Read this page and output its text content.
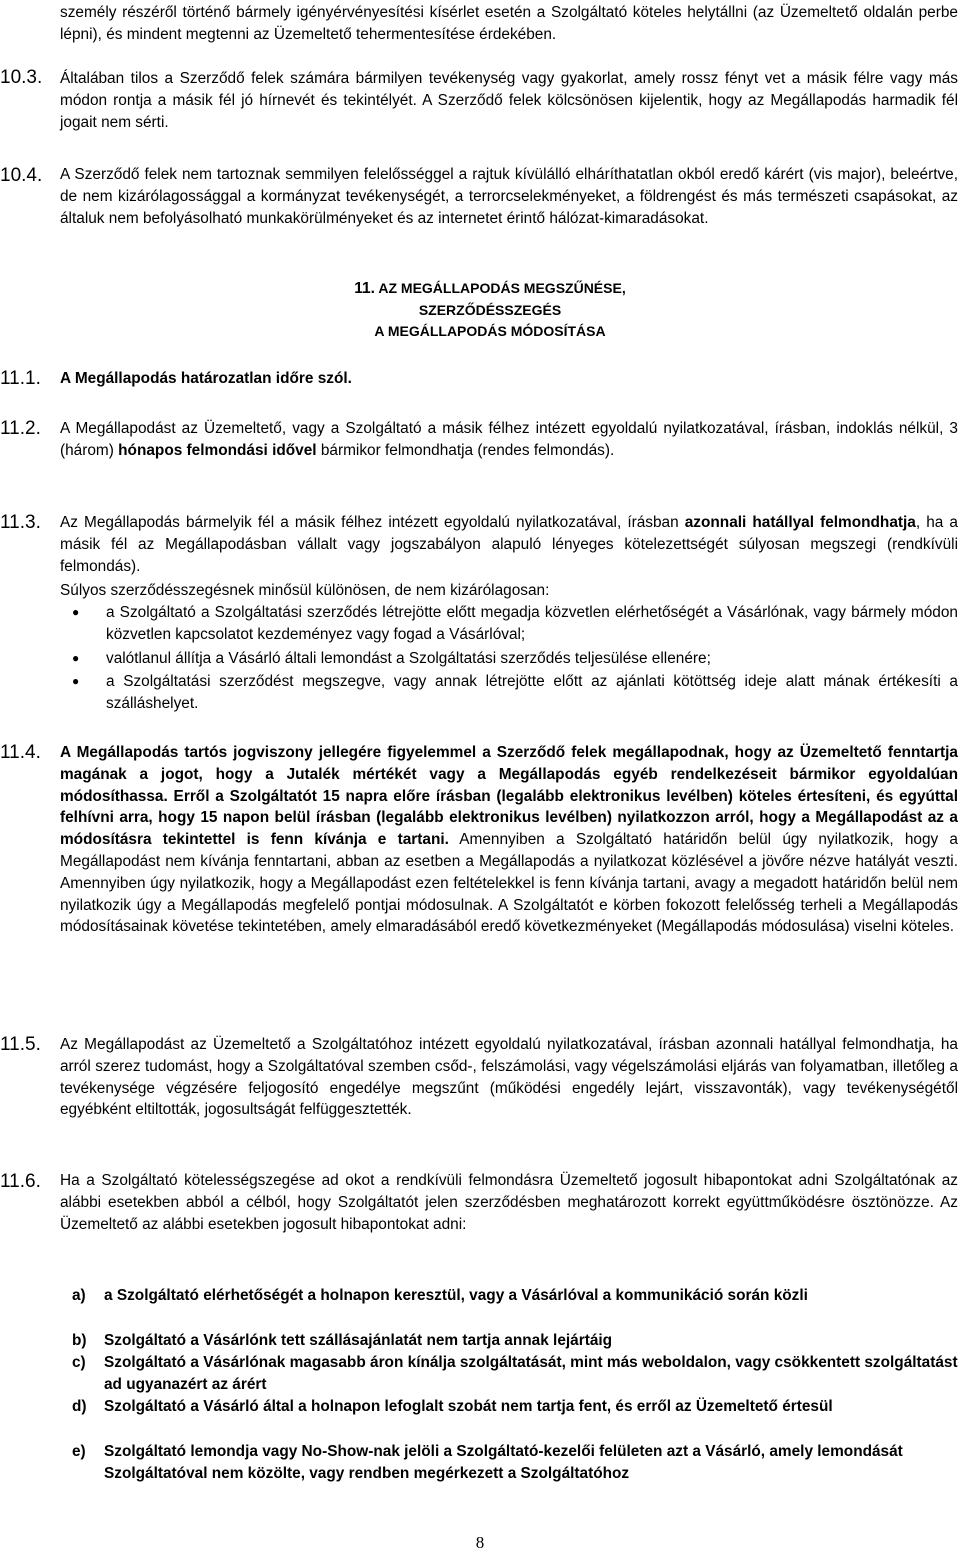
személy részéről történő bármely igényérvényesítési kísérlet esetén a Szolgáltató köteles helytállni (az Üzemeltető oldalán perbe lépni), és mindent megtenni az Üzemeltető tehermentesítése érdekében.
10.3. Általában tilos a Szerződő felek számára bármilyen tevékenység vagy gyakorlat, amely rossz fényt vet a másik félre vagy más módon rontja a másik fél jó hírnevét és tekintélyét. A Szerződő felek kölcsönösen kijelentik, hogy az Megállapodás harmadik fél jogait nem sérti.
10.4. A Szerződő felek nem tartoznak semmilyen felelősséggel a rajtuk kívülálló elháríthatatlan okból eredő kárért (vis major), beleértve, de nem kizárólagossággal a kormányzat tevékenységét, a terrorcselekményeket, a földrengést és más természeti csapásokat, az általuk nem befolyásolható munkakörülményeket és az internetet érintő hálózat-kimaradásokat.
11. AZ MEGÁLLAPODÁS MEGSZŰNÉSE,
SZERZŐDÉSSZEGÉS
A MEGÁLLAPODÁS MÓDOSÍTÁSA
11.1. A Megállapodás határozatlan időre szól.
11.2. A Megállapodást az Üzemeltető, vagy a Szolgáltató a másik félhez intézett egyoldalú nyilatkozatával, írásban, indoklás nélkül, 3 (három) hónapos felmondási idővel bármikor felmondhatja (rendes felmondás).
11.3. Az Megállapodás bármelyik fél a másik félhez intézett egyoldalú nyilatkozatával, írásban azonnali hatállyal felmondhatja, ha a másik fél az Megállapodásban vállalt vagy jogszabályon alapuló lényeges kötelezettségét súlyosan megszegi (rendkívüli felmondás).
Súlyos szerződésszegésnek minősül különösen, de nem kizárólagosan:
● a Szolgáltató a Szolgáltatási szerződés létrejötte előtt megadja közvetlen elérhetőségét a Vásárlónak, vagy bármely módon közvetlen kapcsolatot kezdeményez vagy fogad a Vásárlóval;
● valótlanul állítja a Vásárló általi lemondást a Szolgáltatási szerződés teljesülése ellenére;
● a Szolgáltatási szerződést megszegve, vagy annak létrejötte előtt az ajánlati kötöttség ideje alatt mának értékesíti a szálláshelyet.
11.4. A Megállapodás tartós jogviszony jellegére figyelemmel a Szerződő felek megállapodnak, hogy az Üzemeltető fenntartja magának a jogot, hogy a Jutalék mértékét vagy a Megállapodás egyéb rendelkezéseit bármikor egyoldalúan módosíthassa. Erről a Szolgáltatót 15 napra előre írásban (legalább elektronikus levélben) köteles értesíteni, és egyúttal felhívni arra, hogy 15 napon belül írásban (legalább elektronikus levélben) nyilatkozzon arról, hogy a Megállapodást az a módosításra tekintettel is fenn kívánja e tartani. Amennyiben a Szolgáltató határidőn belül úgy nyilatkozik, hogy a Megállapodást nem kívánja fenntartani, abban az esetben a Megállapodás a nyilatkozat közlésével a jövőre nézve hatályát veszti. Amennyiben úgy nyilatkozik, hogy a Megállapodást ezen feltételekkel is fenn kívánja tartani, avagy a megadott határidőn belül nem nyilatkozik úgy a Megállapodás megfelelő pontjai módosulnak. A Szolgáltatót e körben fokozott felelősség terheli a Megállapodás módosításainak követése tekintetében, amely elmaradásából eredő következményeket (Megállapodás módosulása) viselni köteles.
11.5. Az Megállapodást az Üzemeltető a Szolgáltatóhoz intézett egyoldalú nyilatkozatával, írásban azonnali hatállyal felmondhatja, ha arról szerez tudomást, hogy a Szolgáltatóval szemben csőd-, felszámolási, vagy végelszámolási eljárás van folyamatban, illetőleg a tevékenysége végzésére feljogosító engedélye megszűnt (működési engedély lejárt, visszavonták), vagy tevékenységétől egyébként eltiltották, jogosultságát felfüggesztették.
11.6. Ha a Szolgáltató kötelességszegése ad okot a rendkívüli felmondásra Üzemeltető jogosult hibapontokat adni Szolgáltatónak az alábbi esetekben abból a célból, hogy Szolgáltatót jelen szerződésben meghatározott korrekt együttműködésre ösztönözze. Az Üzemeltető az alábbi esetekben jogosult hibapontokat adni:
a) a Szolgáltató elérhetőségét a holnapon keresztül, vagy a Vásárlóval a kommunikáció során közli
b) Szolgáltató a Vásárlónk tett szállásajánlatát nem tartja annak lejártáig
c) Szolgáltató a Vásárlónak magasabb áron kínálja szolgáltatását, mint más weboldalon, vagy csökkentett szolgáltatást ad ugyanazért az árért
d) Szolgáltató a Vásárló által a holnapon lefoglalt szobát nem tartja fent, és erről az Üzemeltető értesül
e) Szolgáltató lemondja vagy No-Show-nak jelöli a Szolgáltató-kezelői felületen azt a Vásárló, amely lemondását Szolgáltatóval nem közölte, vagy rendben megérkezett a Szolgáltatóhoz
8
